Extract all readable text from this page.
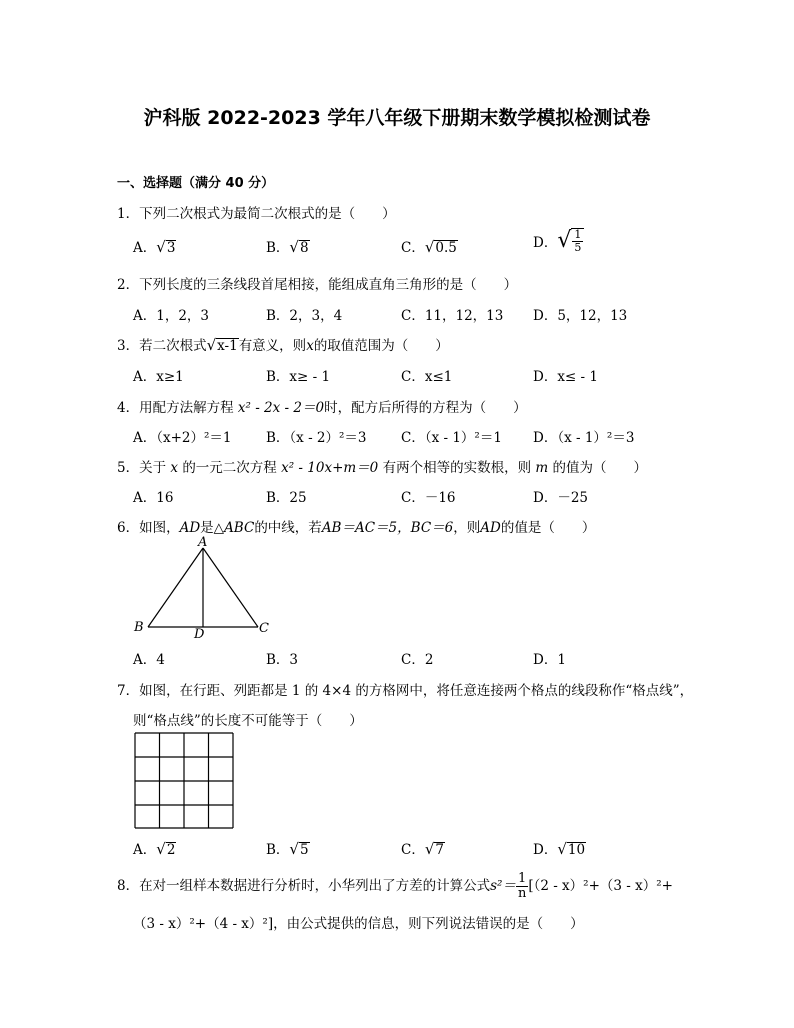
沪科版 2022-2023 学年八年级下册期末数学模拟检测试卷
一、选择题（满分 40 分）
1．下列二次根式为最简二次根式的是（　　）
A．√3	B．√8	C．√0.5	D．√ $\frac{1}{5}$
2．下列长度的三条线段首尾相接，能组成直角三角形的是（　　）
A．1，2，3	B．2，3，4	C．11，12，13 D．5，12，13
3．若二次根式√x-1有意义，则x的取值范围为（　　）
A．x≥1	B．x≥ - 1	C．x≤1	D．x≤ - 1
4．用配方法解方程 x² - 2x - 2＝0时，配方后所得的方程为（　　）
A．（x+2）²＝1	B．（x - 2）²＝3	C．（x - 1）²＝1 D．（x - 1）²＝3
5．关于 x 的一元二次方程 x² - 10x+m＝0 有两个相等的实数根，则 m 的值为（　　）
A．16	B．25	C．－16	D．－25
6．如图，AD是△ABC的中线，若AB＝AC＝5，BC＝6，则AD的值是（　　）
A
B	C
D
A．4	B．3	C．2	D．1
7．如图，在行距、列距都是 1 的 4×4 的方格网中，将任意连接两个格点的线段称作“格点线”，
则“格点线”的长度不可能等于（　　）
A．√2	B．√5	C．√7	D．√10
8．在对一组样本数据进行分析时，小华列出了方差的计算公式$s^2= \frac{1}{n} [(2 - x)^2+(3 - x)^2+$
（3 - x）²+（4 - x）²]，由公式提供的信息，则下列说法错误的是（　　）
